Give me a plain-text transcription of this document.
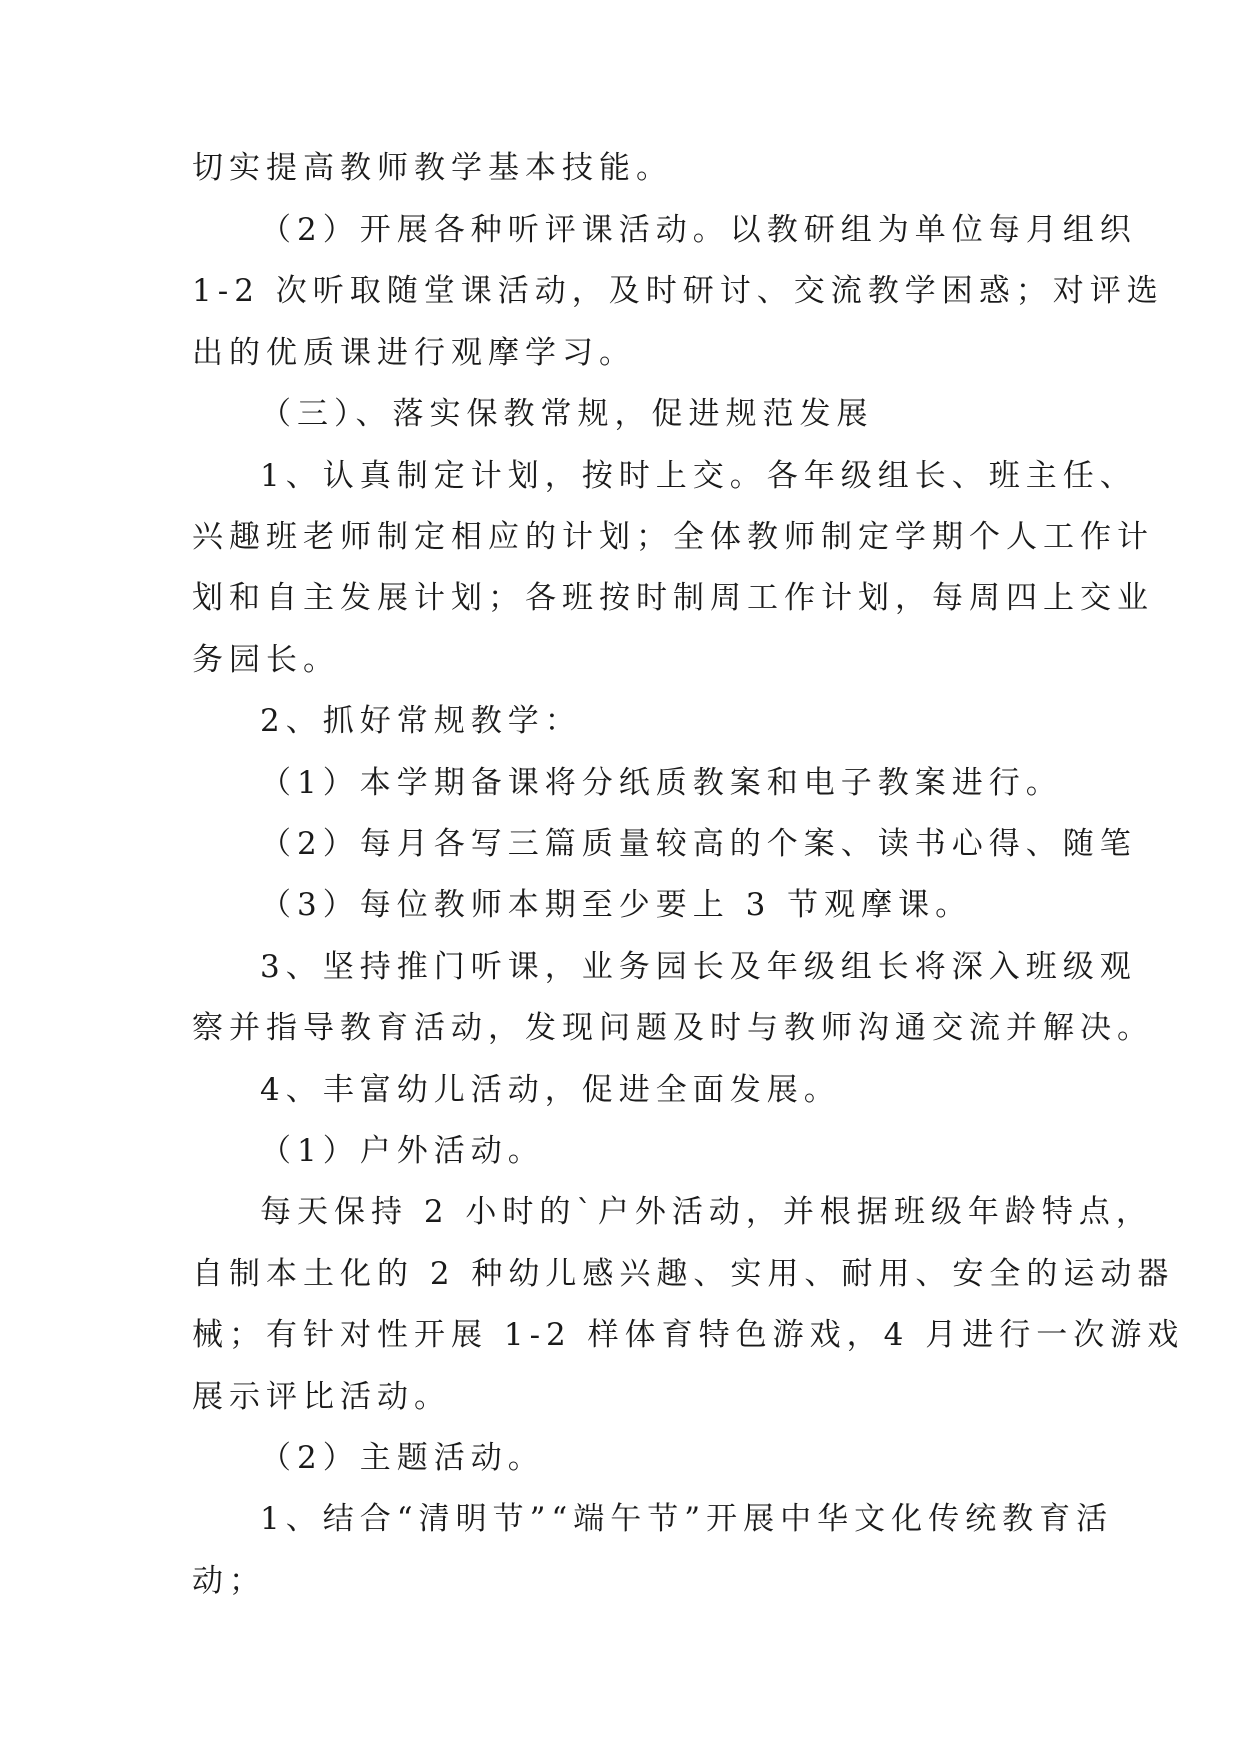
切实提高教师教学基本技能。
（2）开展各种听评课活动。以教研组为单位每月组织
1-2 次听取随堂课活动，及时研讨、交流教学困惑；对评选
出的优质课进行观摩学习。
（三）、落实保教常规，促进规范发展
1、认真制定计划，按时上交。各年级组长、班主任、
兴趣班老师制定相应的计划；全体教师制定学期个人工作计
划和自主发展计划；各班按时制周工作计划，每周四上交业
务园长。
2、抓好常规教学：
（1）本学期备课将分纸质教案和电子教案进行。
（2）每月各写三篇质量较高的个案、读书心得、随笔
（3）每位教师本期至少要上 3 节观摩课。
3、坚持推门听课，业务园长及年级组长将深入班级观
察并指导教育活动，发现问题及时与教师沟通交流并解决。
4、丰富幼儿活动，促进全面发展。
（1）户外活动。
每天保持 2 小时的`户外活动，并根据班级年龄特点，
自制本土化的 2 种幼儿感兴趣、实用、耐用、安全的运动器
械；有针对性开展 1-2 样体育特色游戏，4 月进行一次游戏
展示评比活动。
（2）主题活动。
1、结合“清明节”“端午节”开展中华文化传统教育活
动；
